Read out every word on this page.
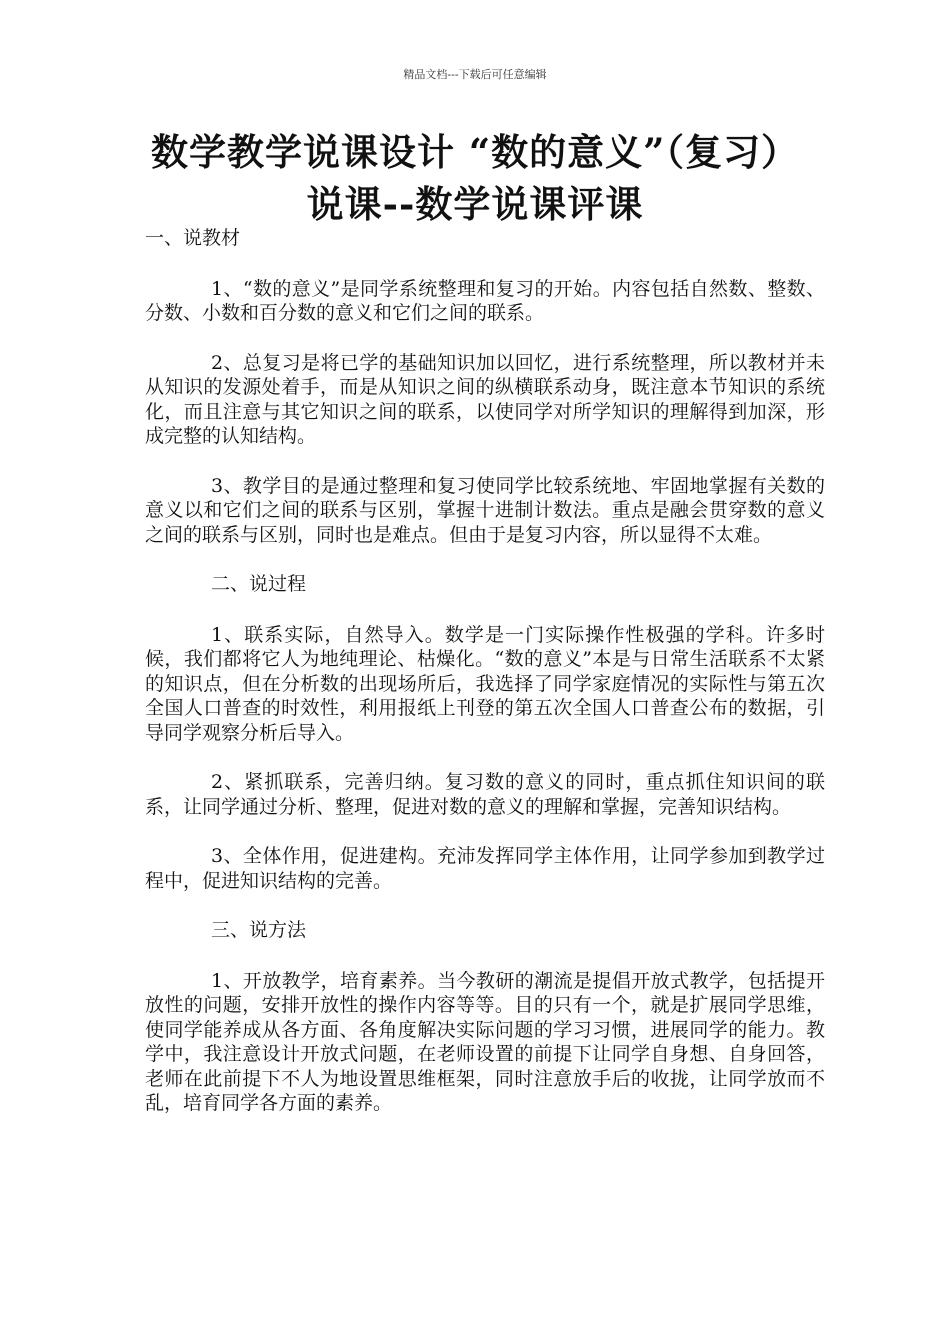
精品文档---下载后可任意编辑
数学教学说课设计 “数的意义”（复习）说课--数学说课评课
一、说教材

1、“数的意义”是同学系统整理和复习的开始。内容包括自然数、整数、分数、小数和百分数的意义和它们之间的联系。

2、总复习是将已学的基础知识加以回忆，进行系统整理，所以教材并未从知识的发源处着手，而是从知识之间的纵横联系动身，既注意本节知识的系统化，而且注意与其它知识之间的联系，以使同学对所学知识的理解得到加深，形成完整的认知结构。

3、教学目的是通过整理和复习使同学比较系统地、牢固地掌握有关数的意义以和它们之间的联系与区别，掌握十进制计数法。重点是融会贯穿数的意义之间的联系与区别，同时也是难点。但由于是复习内容，所以显得不太难。

二、说过程

1、联系实际，自然导入。数学是一门实际操作性极强的学科。许多时候，我们都将它人为地纯理论、枯燥化。“数的意义”本是与日常生活联系不太紧的知识点，但在分析数的出现场所后，我选择了同学家庭情况的实际性与第五次全国人口普查的时效性，利用报纸上刊登的第五次全国人口普查公布的数据，引导同学观察分析后导入。

2、紧抓联系，完善归纳。复习数的意义的同时，重点抓住知识间的联系，让同学通过分析、整理，促进对数的意义的理解和掌握，完善知识结构。

3、全体作用，促进建构。充沛发挥同学主体作用，让同学参加到教学过程中，促进知识结构的完善。

三、说方法

1、开放教学，培育素养。当今教研的潮流是提倡开放式教学，包括提开放性的问题，安排开放性的操作内容等等。目的只有一个，就是扩展同学思维，使同学能养成从各方面、各角度解决实际问题的学习习惯，进展同学的能力。教学中，我注意设计开放式问题，在老师设置的前提下让同学自身想、自身回答，老师在此前提下不人为地设置思维框架，同时注意放手后的收拢，让同学放而不乱，培育同学各方面的素养。
